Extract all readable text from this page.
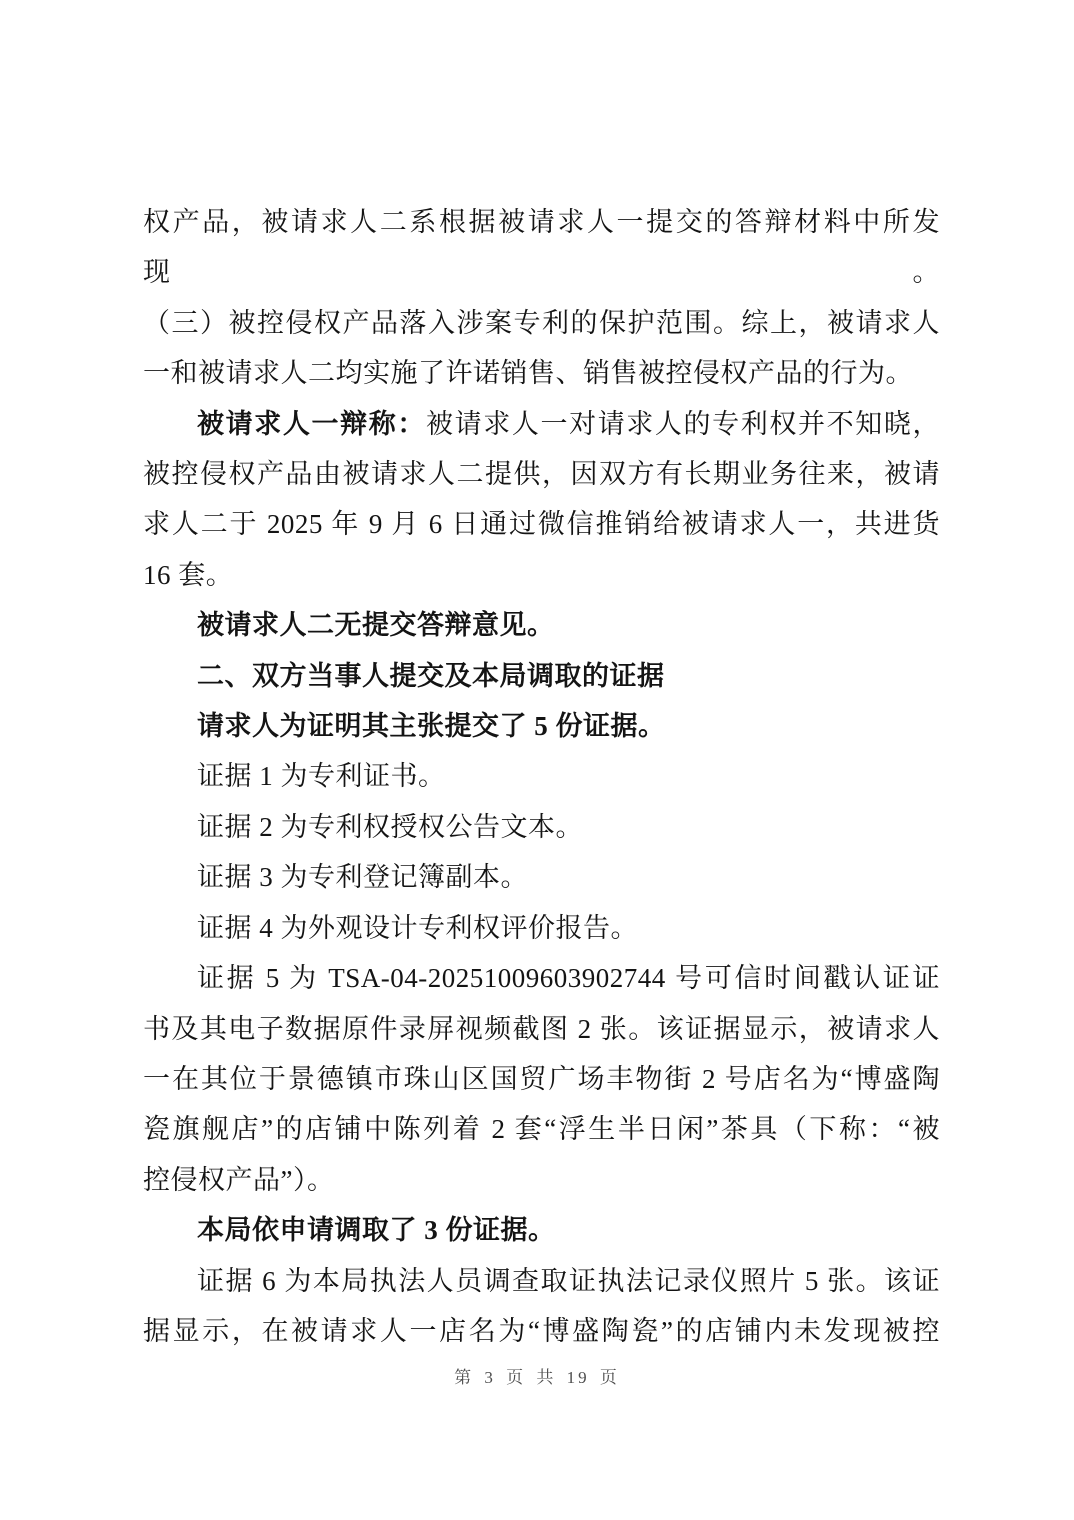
权产品，被请求人二系根据被请求人一提交的答辩材料中所发现。
（三）被控侵权产品落入涉案专利的保护范围。综上，被请求人
一和被请求人二均实施了许诺销售、销售被控侵权产品的行为。
被请求人一辩称：被请求人一对请求人的专利权并不知晓，
被控侵权产品由被请求人二提供，因双方有长期业务往来，被请
求人二于 2025 年 9 月 6 日通过微信推销给被请求人一，共进货
16 套。
被请求人二无提交答辩意见。
二、双方当事人提交及本局调取的证据
请求人为证明其主张提交了 5 份证据。
证据 1 为专利证书。
证据 2 为专利权授权公告文本。
证据 3 为专利登记簿副本。
证据 4 为外观设计专利权评价报告。
证据 5 为 TSA-04-20251009603902744 号可信时间戳认证证
书及其电子数据原件录屏视频截图 2 张。该证据显示，被请求人
一在其位于景德镇市珠山区国贸广场丰物街 2 号店名为“博盛陶
瓷旗舰店”的店铺中陈列着 2 套“浮生半日闲”茶具（下称：“被
控侵权产品”）。
本局依申请调取了 3 份证据。
证据 6 为本局执法人员调查取证执法记录仪照片 5 张。该证
据显示，在被请求人一店名为“博盛陶瓷”的店铺内未发现被控
第 3 页 共 19 页
